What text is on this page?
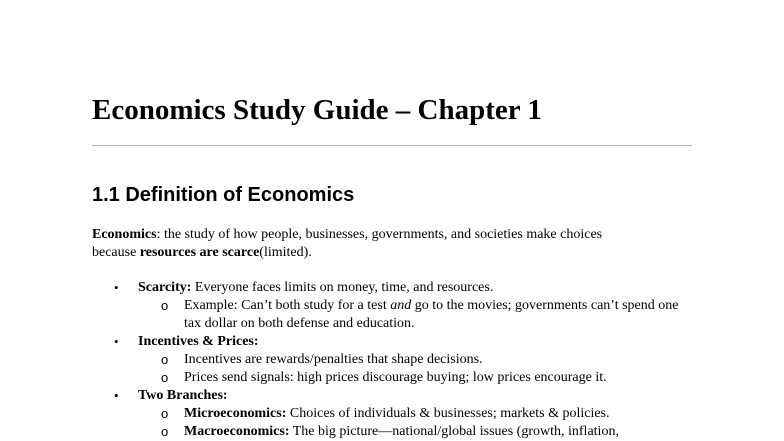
Economics Study Guide – Chapter 1
1.1 Definition of Economics
Economics: the study of how people, businesses, governments, and societies make choices
because resources are scarce(limited).
• Scarcity: Everyone faces limits on money, time, and resources.
o Example: Can’t both study for a test and go to the movies; governments can’t spend one tax dollar on both defense and education.
• Incentives & Prices:
o Incentives are rewards/penalties that shape decisions.
o Prices send signals: high prices discourage buying; low prices encourage it.
• Two Branches:
o Microeconomics: Choices of individuals & businesses; markets & policies.
o Macroeconomics: The big picture—national/global issues (growth, inflation,
